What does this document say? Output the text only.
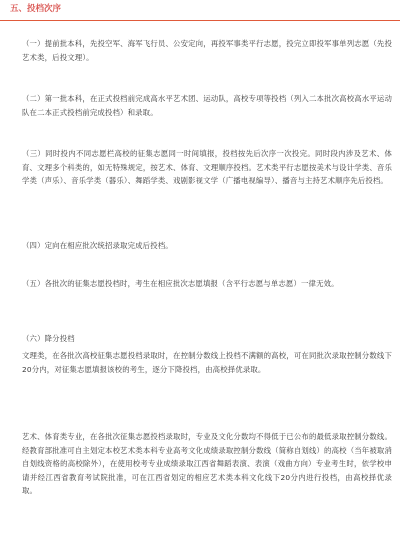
五、投档次序
（一）提前批本科，先投空军、海军飞行员、公安定向，再投军事类平行志愿，投完立即投军事单列志愿（先投艺术类，后投文理）。
（二）第一批本科，在正式投档前完成高水平艺术团、运动队，高校专项等投档（列入二本批次高校高水平运动队在二本正式投档前完成投档）和录取。
（三）同时投内不同志愿栏高校的征集志愿同一时间填报，投档按先后次序一次投完。同时段内涉及艺术、体育、文理多个科类的，如无特殊规定，按艺术、体育、文理顺序投档。艺术类平行志愿按美术与设计学类、音乐学类（声乐）、音乐学类（器乐）、舞蹈学类、戏剧影视文学（广播电视编导）、播音与主持艺术顺序先后投档。
（四）定向在相应批次统招录取完成后投档。
（五）各批次的征集志愿投档时，考生在相应批次志愿填报（含平行志愿与单志愿）一律无效。
（六）降分投档
文理类，在各批次高校征集志愿投档录取时，在控制分数线上投档不满额的高校，可在同批次录取控制分数线下20分内，对征集志愿填报该校的考生，逐分下降投档，由高校择优录取。
艺术、体育类专业，在各批次征集志愿投档录取时，专业及文化分数均不得低于已公布的最低录取控制分数线。经教育部批准可自主划定本校艺术类本科专业高考文化成绩录取控制分数线（简称自划线）的高校（当年被取消自划线资格的高校除外），在使用校考专业成绩录取江西省舞蹈表演、表演（戏曲方向）专业考生时，依学校申请并经江西省教育考试院批准，可在江西省划定的相应艺术类本科文化线下20分内进行投档，由高校择优录取。
